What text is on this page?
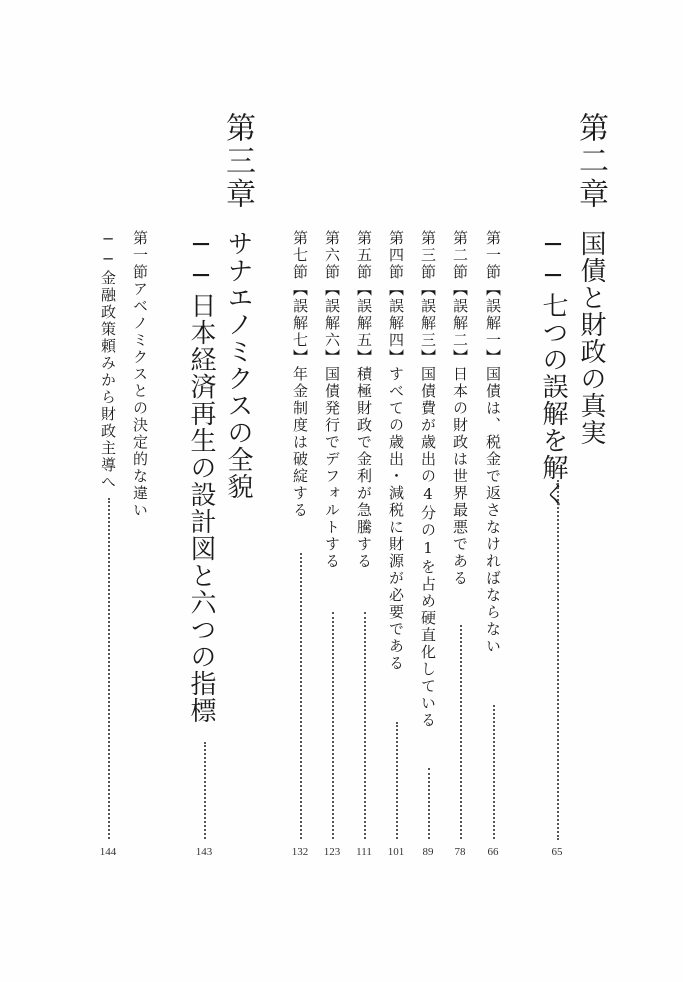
第二章
国債と財政の真実
──七つの誤解を解く
65
第一節【誤解一】国債は、税金で返さなければならない
66
第二節【誤解二】日本の財政は世界最悪である
78
第三節【誤解三】国債費が歳出の4分の1を占め硬直化している
89
第四節【誤解四】すべての歳出・減税に財源が必要である
101
第五節【誤解五】積極財政で金利が急騰する
111
第六節【誤解六】国債発行でデフォルトする
123
第七節【誤解七】年金制度は破綻する
132
第三章
サナエノミクスの全貌
──日本経済再生の設計図と六つの指標
143
第一節アベノミクスとの決定的な違い
──金融政策頼みから財政主導へ
144
